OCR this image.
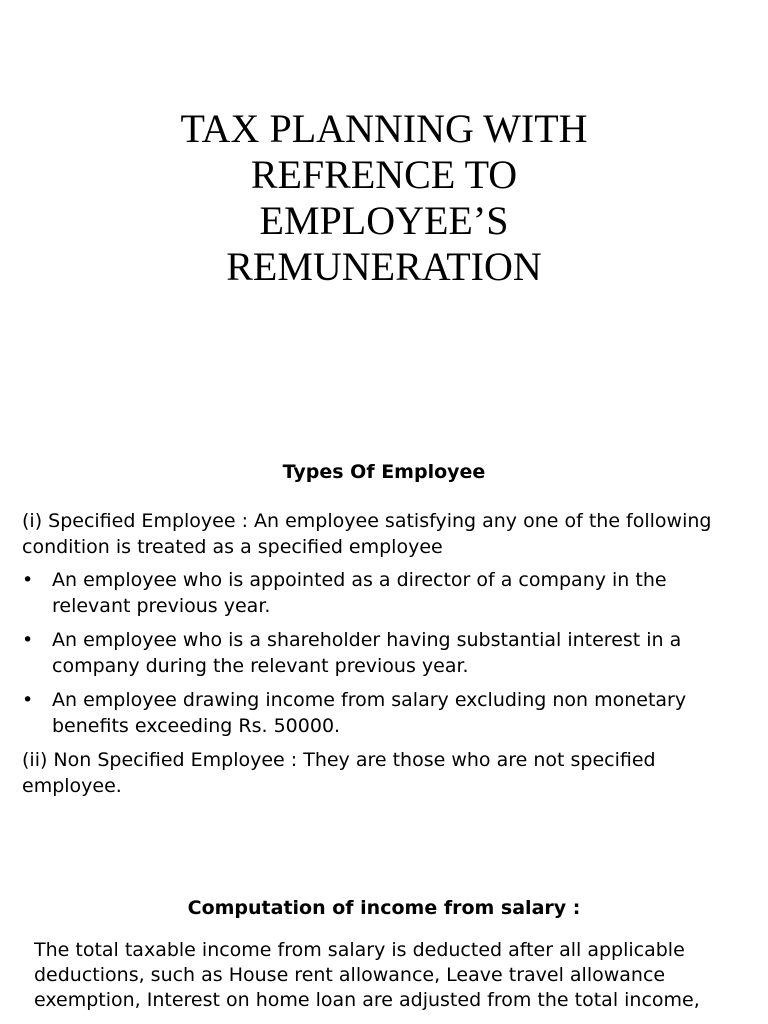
TAX PLANNING WITH
REFRENCE TO
EMPLOYEE’S
REMUNERATION
Types Of Employee
(i) Specified Employee : An employee satisfying any one of the following
condition is treated as a specified employee
• An employee who is appointed as a director of a company in the
relevant previous year.
• An employee who is a shareholder having substantial interest in a
company during the relevant previous year.
• An employee drawing income from salary excluding non monetary
benefits exceeding Rs. 50000.
(ii) Non Specified Employee : They are those who are not specified
employee.
Computation of income from salary :
The total taxable income from salary is deducted after all applicable
deductions, such as House rent allowance, Leave travel allowance
exemption, Interest on home loan are adjusted from the total income,
